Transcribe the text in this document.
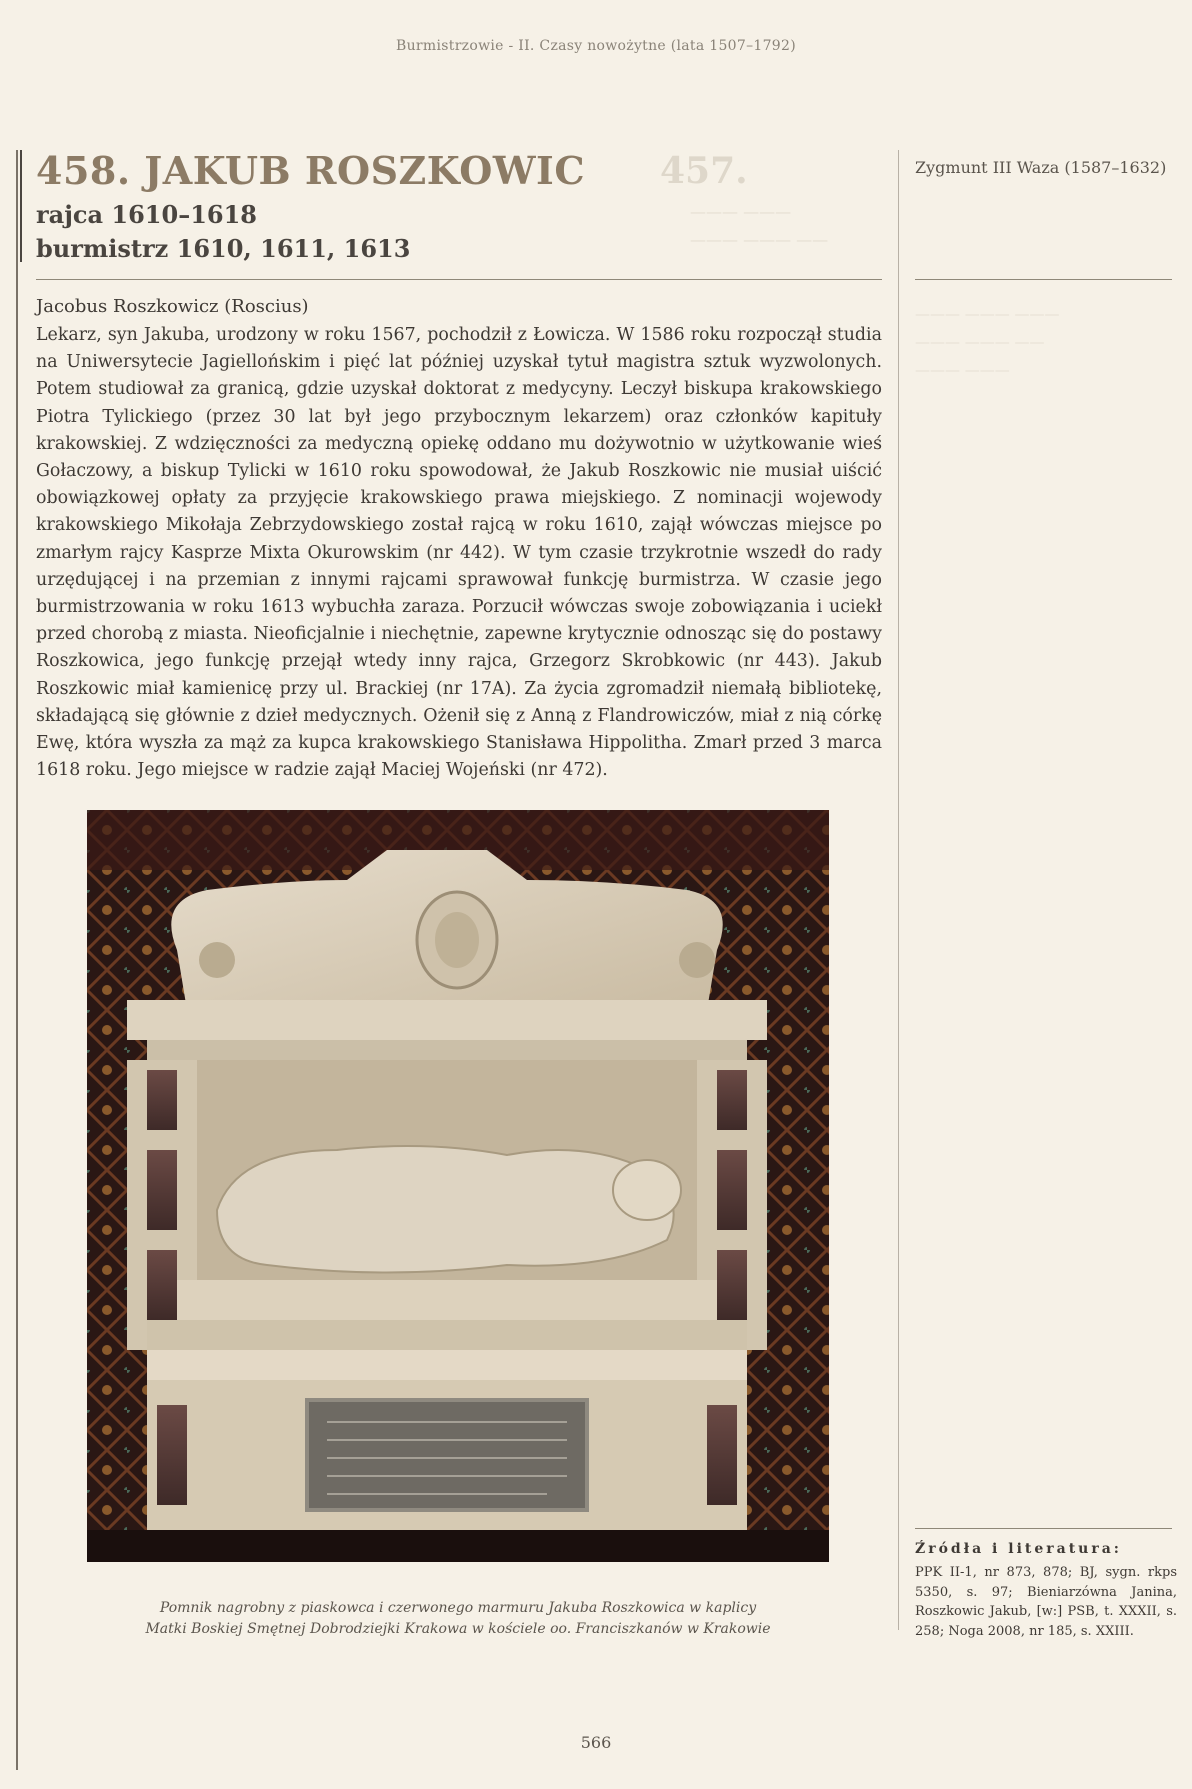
Burmistrzowie - II. Czasy nowożytne (lata 1507–1792)
457.
——— ———
——— ——— ——
——— ——— ———
——— ——— ——
——— ———
Zygmunt III Waza (1587–1632)
458. JAKUB ROSZKOWIC
rajca 1610–1618
burmistrz 1610, 1611, 1613
Jacobus Roszkowicz (Roscius)
Lekarz, syn Jakuba, urodzony w roku 1567, pochodził z Łowicza. W 1586 roku rozpoczął studia na Uniwersytecie Jagiellońskim i pięć lat później uzyskał tytuł magistra sztuk wyzwolonych. Potem studiował za granicą, gdzie uzyskał doktorat z medycyny. Leczył biskupa krakowskiego Piotra Tylickiego (przez 30 lat był jego przybocznym lekarzem) oraz członków kapituły krakowskiej. Z wdzięczności za medyczną opiekę oddano mu dożywotnio w użytkowanie wieś Gołaczowy, a biskup Tylicki w 1610 roku spowodował, że Jakub Roszkowic nie musiał uiścić obowiązkowej opłaty za przyjęcie krakowskiego prawa miejskiego. Z nominacji wojewody krakowskiego Mikołaja Zebrzydowskiego został rajcą w roku 1610, zajął wówczas miejsce po zmarłym rajcy Kasprze Mixta Okurowskim (nr 442). W tym czasie trzykrotnie wszedł do rady urzędującej i na przemian z innymi rajcami sprawował funkcję burmistrza. W czasie jego burmistrzowania w roku 1613 wybuchła zaraza. Porzucił wówczas swoje zobowiązania i uciekł przed chorobą z miasta. Nieoficjalnie i niechętnie, zapewne krytycznie odnosząc się do postawy Roszkowica, jego funkcję przejął wtedy inny rajca, Grzegorz Skrobkowic (nr 443). Jakub Roszkowic miał kamienicę przy ul. Brackiej (nr 17A). Za życia zgromadził niemałą bibliotekę, składającą się głównie z dzieł medycznych. Ożenił się z Anną z Flandrowiczów, miał z nią córkę Ewę, która wyszła za mąż za kupca krakowskiego Stanisława Hippolitha. Zmarł przed 3 marca 1618 roku. Jego miejsce w radzie zajął Maciej Wojeński (nr 472).
Pomnik nagrobny z piaskowca i czerwonego marmuru Jakuba Roszkowica w kaplicy
Matki Boskiej Smętnej Dobrodziejki Krakowa w kościele oo. Franciszkanów w Krakowie
Źródła i literatura:
PPK II-1, nr 873, 878; BJ, sygn. rkps 5350, s. 97; Bieniarzówna Janina, Roszkowic Jakub, [w:] PSB, t. XXXII, s. 258; Noga 2008, nr 185, s. XXIII.
566
